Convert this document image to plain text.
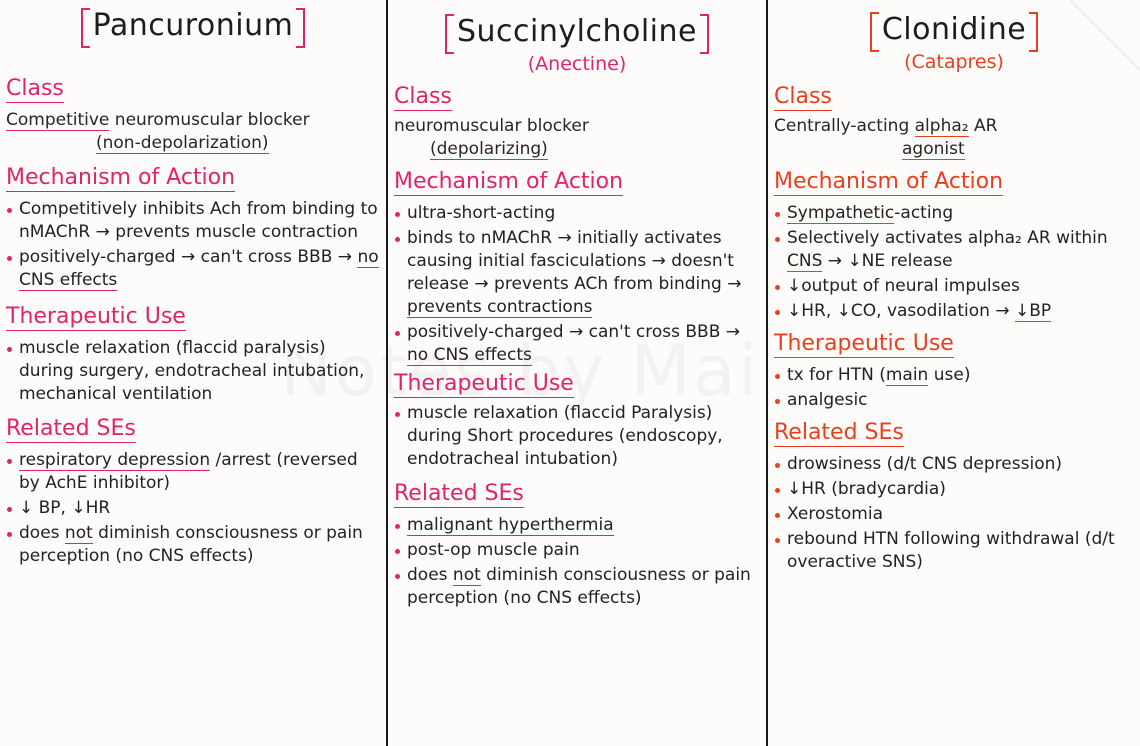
Pancuronium
Class
Competitive neuromuscular blocker
(non-depolarization)
Mechanism of Action
Competitively inhibits Ach from binding to nMAChR → prevents muscle contraction
positively-charged → can't cross BBB → no CNS effects
Therapeutic Use
muscle relaxation (flaccid paralysis) during surgery, endotracheal intubation, mechanical ventilation
Related SEs
respiratory depression /arrest (reversed by AchE inhibitor)
↓ BP, ↓HR
does not diminish consciousness or pain perception (no CNS effects)
Succinylcholine
(Anectine)
Class
neuromuscular blocker
(depolarizing)
Mechanism of Action
ultra-short-acting
binds to nMAChR → initially activates causing initial fasciculations → doesn't release → prevents ACh from binding → prevents contractions
positively-charged → can't cross BBB → no CNS effects
Therapeutic Use
muscle relaxation (flaccid Paralysis) during Short procedures (endoscopy, endotracheal intubation)
Related SEs
malignant hyperthermia
post-op muscle pain
does not diminish consciousness or pain perception (no CNS effects)
Clonidine
(Catapres)
Class
Centrally-acting alpha₂ AR
agonist
Mechanism of Action
Sympathetic-acting
Selectively activates alpha₂ AR within CNS → ↓NE release
↓output of neural impulses
↓HR, ↓CO, vasodilation → ↓BP
Therapeutic Use
tx for HTN (main use)
analgesic
Related SEs
drowsiness (d/t CNS depression)
↓HR (bradycardia)
Xerostomia
rebound HTN following withdrawal (d/t overactive SNS)
